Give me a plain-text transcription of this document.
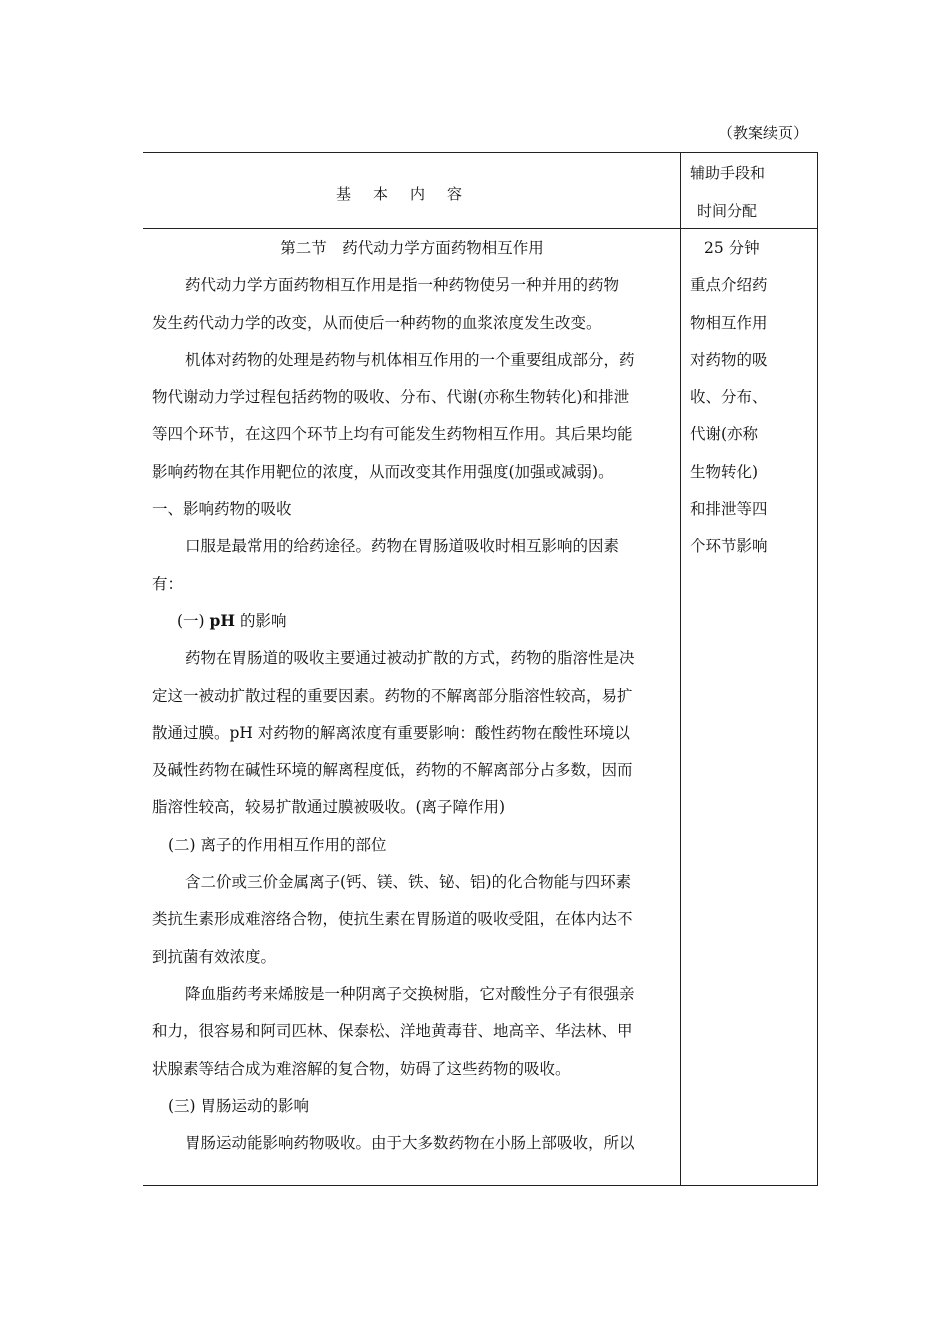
（教案续页）
基 本 内 容
辅助手段和
时间分配
第二节　药代动力学方面药物相互作用
药代动力学方面药物相互作用是指一种药物使另一种并用的药物
发生药代动力学的改变，从而使后一种药物的血浆浓度发生改变。
机体对药物的处理是药物与机体相互作用的一个重要组成部分，药
物代谢动力学过程包括药物的吸收、分布、代谢(亦称生物转化)和排泄
等四个环节，在这四个环节上均有可能发生药物相互作用。其后果均能
影响药物在其作用靶位的浓度，从而改变其作用强度(加强或减弱)。
一、影响药物的吸收
口服是最常用的给药途径。药物在胃肠道吸收时相互影响的因素
有：
(一) pH 的影响
药物在胃肠道的吸收主要通过被动扩散的方式，药物的脂溶性是决
定这一被动扩散过程的重要因素。药物的不解离部分脂溶性较高，易扩
散通过膜。pH 对药物的解离浓度有重要影响：酸性药物在酸性环境以
及碱性药物在碱性环境的解离程度低，药物的不解离部分占多数，因而
脂溶性较高，较易扩散通过膜被吸收。(离子障作用)
(二) 离子的作用相互作用的部位
含二价或三价金属离子(钙、镁、铁、铋、铝)的化合物能与四环素
类抗生素形成难溶络合物，使抗生素在胃肠道的吸收受阻，在体内达不
到抗菌有效浓度。
降血脂药考来烯胺是一种阴离子交换树脂，它对酸性分子有很强亲
和力，很容易和阿司匹林、保泰松、洋地黄毒苷、地高辛、华法林、甲
状腺素等结合成为难溶解的复合物，妨碍了这些药物的吸收。
(三) 胃肠运动的影响
胃肠运动能影响药物吸收。由于大多数药物在小肠上部吸收，所以
25 分钟
重点介绍药
物相互作用
对药物的吸
收、分布、
代谢(亦称
生物转化)
和排泄等四
个环节影响
